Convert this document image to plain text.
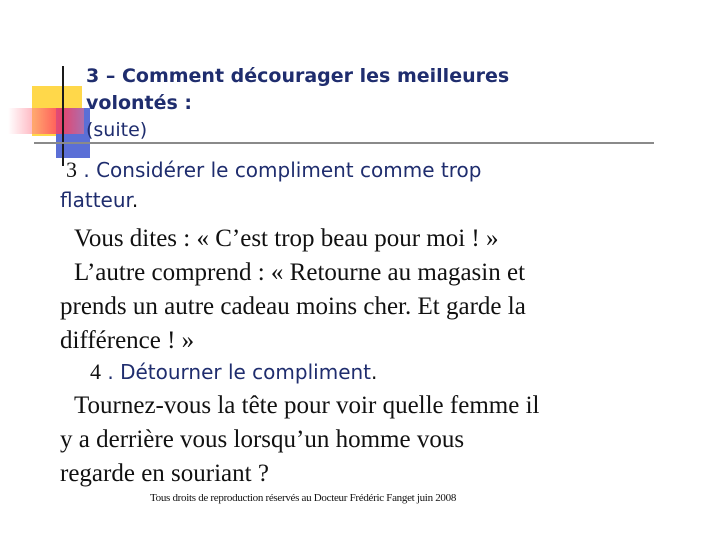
3 – Comment décourager les meilleures
volontés :
(suite)
3 . Considérer le compliment comme trop
flatteur.
Vous dites : « C’est trop beau pour moi ! »
L’autre comprend : « Retourne au magasin et
prends un autre cadeau moins cher. Et garde la
différence ! »
4 . Détourner le compliment.
Tournez-vous la tête pour voir quelle femme il
y a derrière vous lorsqu’un homme vous
regarde en souriant ?
Tous droits de reproduction réservés au Docteur Frédéric Fanget juin 2008
